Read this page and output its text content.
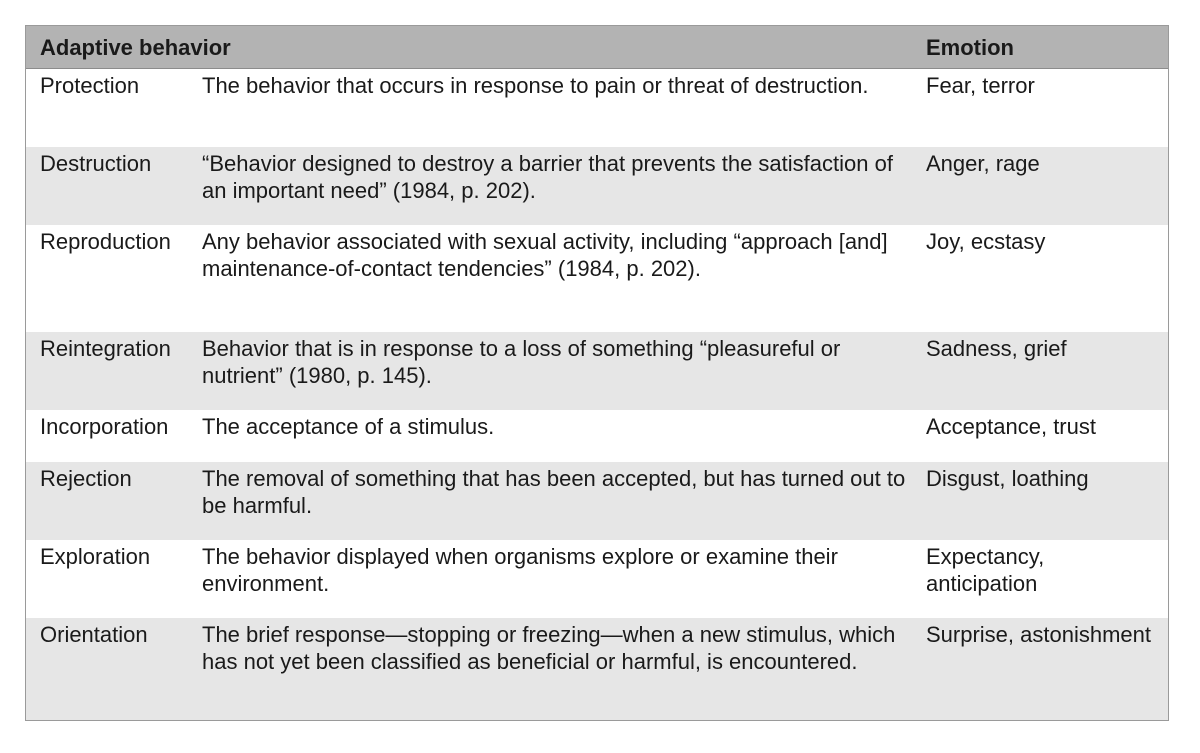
Adaptive behavior		Emotion
Protection	The behavior that occurs in response to pain or threat of destruction.	Fear, terror
Destruction	“Behavior designed to destroy a barrier that prevents the satisfaction of an important need” (1984, p. 202).	Anger, rage
Reproduction	Any behavior associated with sexual activity, including “approach [and] maintenance-of-contact tendencies” (1984, p. 202).	Joy, ecstasy
Reintegration	Behavior that is in response to a loss of something “pleasureful or nutrient” (1980, p. 145).	Sadness, grief
Incorporation	The acceptance of a stimulus.	Acceptance, trust
Rejection	The removal of something that has been accepted, but has turned out to be harmful.	Disgust, loathing
Exploration	The behavior displayed when organisms explore or examine their environment.	Expectancy, anticipation
Orientation	The brief response—stopping or freezing—when a new stimulus, which has not yet been classified as beneficial or harmful, is encountered.	Surprise, astonishment
